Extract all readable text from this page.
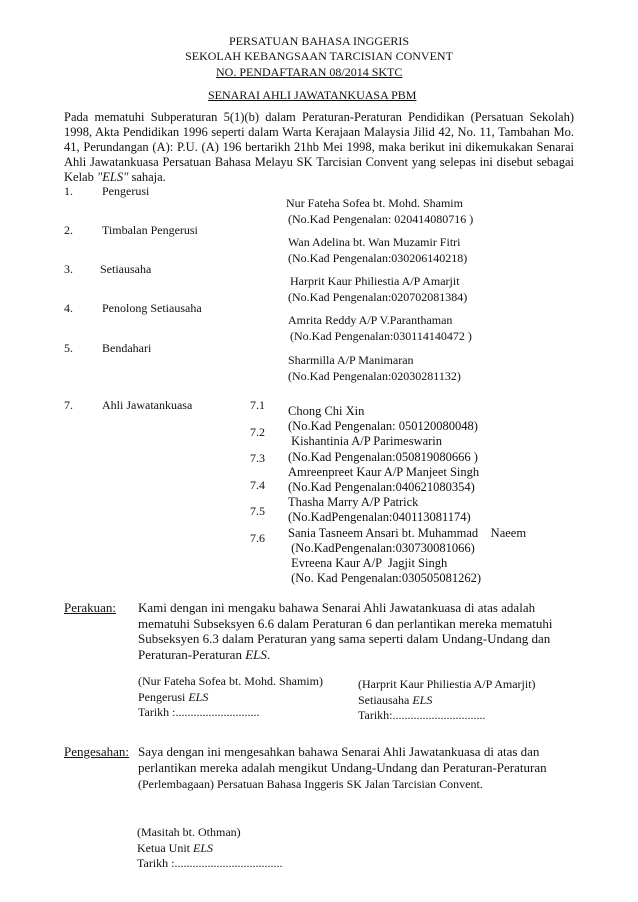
PERSATUAN BAHASA INGGERIS
SEKOLAH KEBANGSAAN TARCISIAN CONVENT
NO. PENDAFTARAN 08/2014 SKTC
SENARAI AHLI JAWATANKUASA PBM
Pada mematuhi Subperaturan 5(1)(b) dalam Peraturan-Peraturan Pendidikan (Persatuan Sekolah) 1998, Akta Pendidikan 1996 seperti dalam Warta Kerajaan Malaysia Jilid 42, No. 11, Tambahan Mo. 41, Perundangan (A): P.U. (A) 196 bertarikh 21hb Mei 1998, maka berikut ini dikemukakan Senarai Ahli Jawatankuasa Persatuan Bahasa Melayu SK Tarcisian Convent yang selepas ini disebut sebagai Kelab "ELS" sahaja.
1. Pengerusi
Nur Fateha Sofea bt. Mohd. Shamim
(No.Kad Pengenalan: 020414080716 )
2. Timbalan Pengerusi
Wan Adelina bt. Wan Muzamir Fitri
(No.Kad Pengenalan:030206140218)
3. Setiausaha
Harprit Kaur Philiestia A/P Amarjit
(No.Kad Pengenalan:020702081384)
4. Penolong Setiausaha
Amrita Reddy A/P V.Paranthaman
(No.Kad Pengenalan:030114140472 )
5. Bendahari
Sharmilla A/P Manimaran
(No.Kad Pengenalan:02030281132)
7. Ahli Jawatankuasa	7.1
7.2
7.3
7.4
7.5
7.6
Chong Chi Xin
(No.Kad Pengenalan: 050120080048)
Kishantinia A/P Parimeswarin
(No.Kad Pengenalan:050819080666 )
Amreenpreet Kaur A/P Manjeet Singh
(No.Kad Pengenalan:040621080354)
Thasha Marry A/P Patrick
(No.KadPengenalan:040113081174)
Sania Tasneem Ansari bt. Muhammad    Naeem
(No.KadPengenalan:030730081066)
Evreena Kaur A/P  Jagjit Singh
(No. Kad Pengenalan:030505081262)
Perakuan: Kami dengan ini mengaku bahawa Senarai Ahli Jawatankuasa di atas adalah mematuhi Subseksyen 6.6 dalam Peraturan 6 dan perlantikan mereka mematuhi Subseksyen 6.3 dalam Peraturan yang sama seperti dalam Undang-Undang dan Peraturan-Peraturan ELS.
(Nur Fateha Sofea bt. Mohd. Shamim)
Pengerusi ELS
Tarikh :............................
(Harprit Kaur Philiestia A/P Amarjit)
Setiausaha ELS
Tarikh:...............................
Pengesahan: Saya dengan ini mengesahkan bahawa Senarai Ahli Jawatankuasa di atas dan
perlantikan mereka adalah mengikut Undang-Undang dan Peraturan-Peraturan
(Perlembagaan) Persatuan Bahasa Inggeris SK Jalan Tarcisian Convent.
(Masitah bt. Othman)
Ketua Unit ELS
Tarikh :....................................
